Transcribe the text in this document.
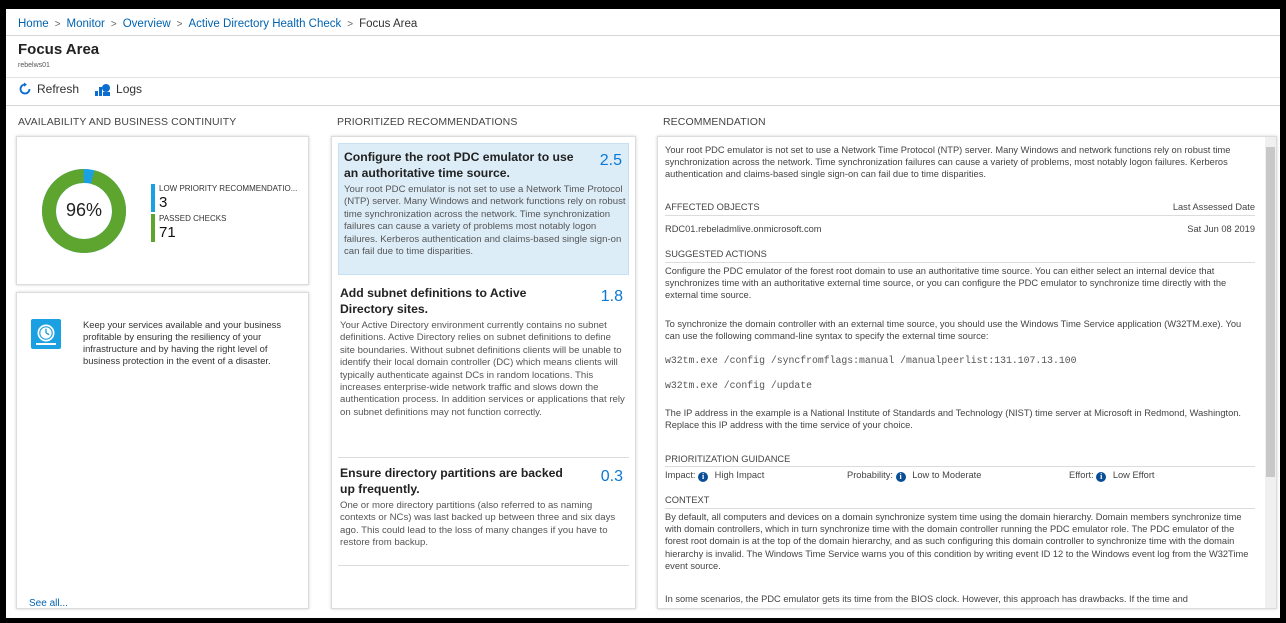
Home > Monitor > Overview > Active Directory Health Check > Focus Area
Focus Area
rebelws01
Refresh	Logs
AVAILABILITY AND BUSINESS CONTINUITY	PRIORITIZED RECOMMENDATIONS	RECOMMENDATION
96%
LOW PRIORITY RECOMMENDATIO...
3
PASSED CHECKS
71
Keep your services available and your business profitable by ensuring the resiliency of your infrastructure and by having the right level of business protection in the event of a disaster.
See all...
Configure the root PDC emulator to use an authoritative time source.
2.5

Your root PDC emulator is not set to use a Network Time Protocol (NTP) server. Many Windows and network functions rely on robust time synchronization across the network. Time synchronization failures can cause a variety of problems most notably logon failures. Kerberos authentication and claims-based single sign-on can fail due to time disparities.

Add subnet definitions to Active Directory sites.
1.8

Your Active Directory environment currently contains no subnet definitions. Active Directory relies on subnet definitions to define site boundaries. Without subnet definitions clients will be unable to identify their local domain controller (DC) which means clients will typically authenticate against DCs in random locations. This increases enterprise-wide network traffic and slows down the authentication process. In addition services or applications that rely on subnet definitions may not function correctly.

Ensure directory partitions are backed up frequently.
0.3

One or more directory partitions (also referred to as naming contexts or NCs) was last backed up between three and six days ago. This could lead to the loss of many changes if you have to restore from backup.

Your root PDC emulator is not set to use a Network Time Protocol (NTP) server. Many Windows and network functions rely on robust time synchronization across the network. Time synchronization failures can cause a variety of problems, most notably logon failures. Kerberos authentication and claims-based single sign-on can fail due to time disparities.
AFFECTED OBJECTS	Last Assessed Date
RDC01.rebeladmlive.onmicrosoft.com	Sat Jun 08 2019
SUGGESTED ACTIONS
Configure the PDC emulator of the forest root domain to use an authoritative time source. You can either select an internal device that synchronizes time with an authoritative external time source, or you can configure the PDC emulator to synchronize time directly with the external time source.
To synchronize the domain controller with an external time source, you should use the Windows Time Service application (W32TM.exe). You can use the following command-line syntax to specify the external time source:
w32tm.exe /config /syncfromflags:manual /manualpeerlist:131.107.13.100
w32tm.exe /config /update
The IP address in the example is a National Institute of Standards and Technology (NIST) time server at Microsoft in Redmond, Washington. Replace this IP address with the time service of your choice.
PRIORITIZATION GUIDANCE
Impact: i High Impact	Probability: i Low to Moderate	Effort: i Low Effort
CONTEXT
By default, all computers and devices on a domain synchronize system time using the domain hierarchy. Domain members synchronize time with domain controllers, which in turn synchronize time with the domain controller running the PDC emulator role. The PDC emulator of the forest root domain is at the top of the domain hierarchy, and as such configuring this domain controller to synchronize time with the domain hierarchy is invalid. The Windows Time Service warns you of this condition by writing event ID 12 to the Windows event log from the W32Time event source.
In some scenarios, the PDC emulator gets its time from the BIOS clock. However, this approach has drawbacks. If the time and
